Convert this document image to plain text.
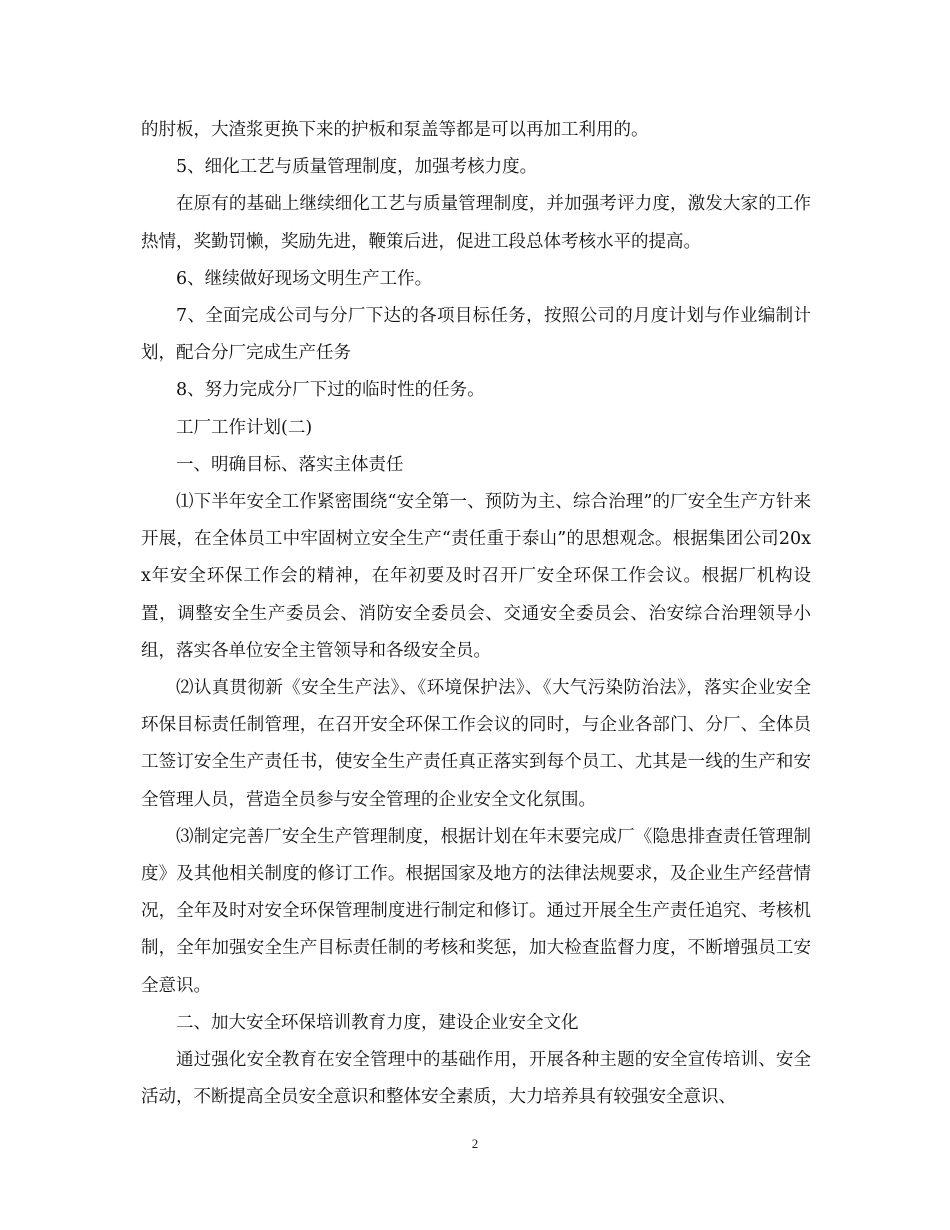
的肘板，大渣浆更换下来的护板和泵盖等都是可以再加工利用的。

5、细化工艺与质量管理制度，加强考核力度。

在原有的基础上继续细化工艺与质量管理制度，并加强考评力度，激发大家的工作热情，奖勤罚懒，奖励先进，鞭策后进，促进工段总体考核水平的提高。

6、继续做好现场文明生产工作。

7、全面完成公司与分厂下达的各项目标任务，按照公司的月度计划与作业编制计划，配合分厂完成生产任务

8、努力完成分厂下过的临时性的任务。

工厂工作计划(二)

一、明确目标、落实主体责任

⑴下半年安全工作紧密围绕“安全第一、预防为主、综合治理”的厂安全生产方针来开展，在全体员工中牢固树立安全生产“责任重于泰山”的思想观念。根据集团公司20xx年安全环保工作会的精神，在年初要及时召开厂安全环保工作会议。根据厂机构设置，调整安全生产委员会、消防安全委员会、交通安全委员会、治安综合治理领导小组，落实各单位安全主管领导和各级安全员。

⑵认真贯彻新《安全生产法》、《环境保护法》、《大气污染防治法》，落实企业安全环保目标责任制管理，在召开安全环保工作会议的同时，与企业各部门、分厂、全体员工签订安全生产责任书，使安全生产责任真正落实到每个员工、尤其是一线的生产和安全管理人员，营造全员参与安全管理的企业安全文化氛围。

⑶制定完善厂安全生产管理制度，根据计划在年末要完成厂《隐患排查责任管理制度》及其他相关制度的修订工作。根据国家及地方的法律法规要求，及企业生产经营情况，全年及时对安全环保管理制度进行制定和修订。通过开展全生产责任追究、考核机制，全年加强安全生产目标责任制的考核和奖惩，加大检查监督力度，不断增强员工安全意识。

二、加大安全环保培训教育力度，建设企业安全文化

通过强化安全教育在安全管理中的基础作用，开展各种主题的安全宣传培训、安全活动，不断提高全员安全意识和整体安全素质，大力培养具有较强安全意识、

2
